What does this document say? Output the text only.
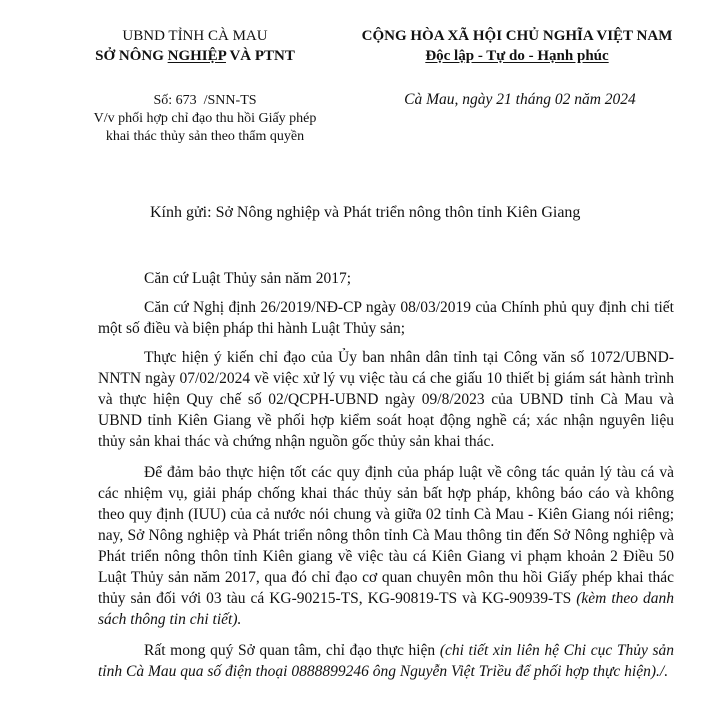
UBND TỈNH CÀ MAU
SỞ NÔNG NGHIỆP VÀ PTNT
CỘNG HÒA XÃ HỘI CHỦ NGHĨA VIỆT NAM
Độc lập - Tự do - Hạnh phúc
Số: 673  /SNN-TS
V/v phối hợp chỉ đạo thu hồi Giấy phép
khai thác thủy sản theo thẩm quyền
Cà Mau, ngày 21 tháng 02 năm 2024
Kính gửi: Sở Nông nghiệp và Phát triển nông thôn tỉnh Kiên Giang

Căn cứ Luật Thủy sản năm 2017;

Căn cứ Nghị định 26/2019/NĐ-CP ngày 08/03/2019 của Chính phủ quy định chi tiết một số điều và biện pháp thi hành Luật Thủy sản;

Thực hiện ý kiến chỉ đạo của Ủy ban nhân dân tỉnh tại Công văn số 1072/UBND-NNTN ngày 07/02/2024 về việc xử lý vụ việc tàu cá che giấu 10 thiết bị giám sát hành trình và thực hiện Quy chế số 02/QCPH-UBND ngày 09/8/2023 của UBND tỉnh Cà Mau và UBND tỉnh Kiên Giang về phối hợp kiểm soát hoạt động nghề cá; xác nhận nguyên liệu thủy sản khai thác và chứng nhận nguồn gốc thủy sản khai thác.

Để đảm bảo thực hiện tốt các quy định của pháp luật về công tác quản lý tàu cá và các nhiệm vụ, giải pháp chống khai thác thủy sản bất hợp pháp, không báo cáo và không theo quy định (IUU) của cả nước nói chung và giữa 02 tỉnh Cà Mau - Kiên Giang nói riêng; nay, Sở Nông nghiệp và Phát triển nông thôn tỉnh Cà Mau thông tin đến Sở Nông nghiệp và Phát triển nông thôn tỉnh Kiên giang về việc tàu cá Kiên Giang vi phạm khoản 2 Điều 50 Luật Thủy sản năm 2017, qua đó chỉ đạo cơ quan chuyên môn thu hồi Giấy phép khai thác thủy sản đối với 03 tàu cá KG-90215-TS, KG-90819-TS và KG-90939-TS (kèm theo danh sách thông tin chi tiết).

Rất mong quý Sở quan tâm, chỉ đạo thực hiện (chi tiết xin liên hệ Chi cục Thủy sản tỉnh Cà Mau qua số điện thoại 0888899246 ông Nguyễn Việt Triều để phối hợp thực hiện)./.
